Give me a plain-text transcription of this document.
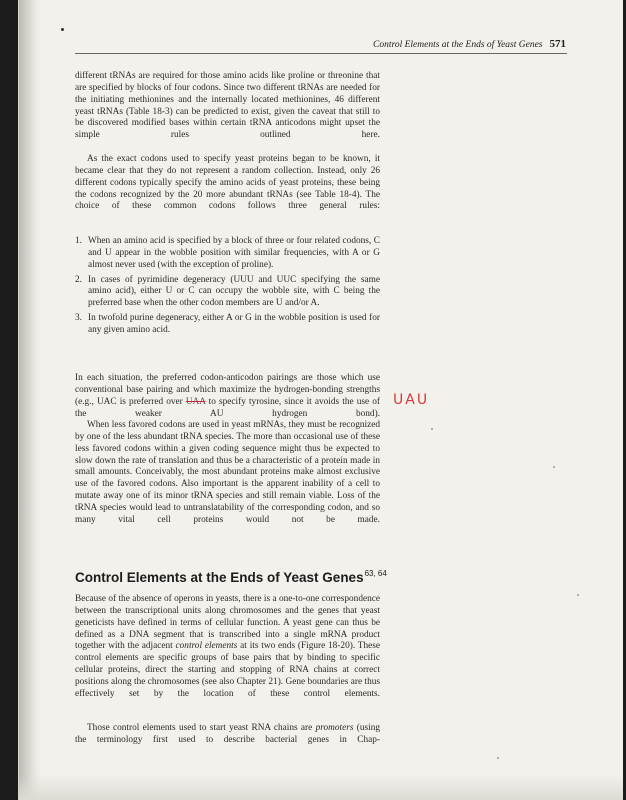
Control Elements at the Ends of Yeast Genes 571
different tRNAs are required for those amino acids like proline or threonine that are specified by blocks of four codons. Since two different tRNAs are needed for the initiating methionines and the internally located methionines, 46 different yeast tRNAs (Table 18-3) can be predicted to exist, given the caveat that still to be discovered modified bases within certain tRNA anticodons might upset the simple rules outlined here.
As the exact codons used to specify yeast proteins began to be known, it became clear that they do not represent a random collection. Instead, only 26 different codons typically specify the amino acids of yeast proteins, these being the codons recognized by the 20 more abundant tRNAs (see Table 18-4). The choice of these common codons follows three general rules:
1. When an amino acid is specified by a block of three or four related codons, C and U appear in the wobble position with similar frequencies, with A or G almost never used (with the exception of proline).
2. In cases of pyrimidine degeneracy (UUU and UUC specifying the same amino acid), either U or C can occupy the wobble site, with C being the preferred base when the other codon members are U and/or A.
3. In twofold purine degeneracy, either A or G in the wobble position is used for any given amino acid.
In each situation, the preferred codon-anticodon pairings are those which use conventional base pairing and which maximize the hydrogen-bonding strengths (e.g., UAC is preferred over UAA to specify tyrosine, since it avoids the use of the weaker AU hydrogen bond).
When less favored codons are used in yeast mRNAs, they must be recognized by one of the less abundant tRNA species. The more than occasional use of these less favored codons within a given coding sequence might thus be expected to slow down the rate of translation and thus be a characteristic of a protein made in small amounts. Conceivably, the most abundant proteins make almost exclusive use of the favored codons. Also important is the apparent inability of a cell to mutate away one of its minor tRNA species and still remain viable. Loss of the tRNA species would lead to untranslatability of the corresponding codon, and so many vital cell proteins would not be made.
Control Elements at the Ends of Yeast Genes$^{63, 64}$
Because of the absence of operons in yeasts, there is a one-to-one correspondence between the transcriptional units along chromosomes and the genes that yeast geneticists have defined in terms of cellular function. A yeast gene can thus be defined as a DNA segment that is transcribed into a single mRNA product together with the adjacent control elements at its two ends (Figure 18-20). These control elements are specific groups of base pairs that by binding to specific cellular proteins, direct the starting and stopping of RNA chains at correct positions along the chromosomes (see also Chapter 21). Gene boundaries are thus effectively set by the location of these control elements.
Those control elements used to start yeast RNA chains are promoters (using the terminology first used to describe bacterial genes in Chap-
UAU
